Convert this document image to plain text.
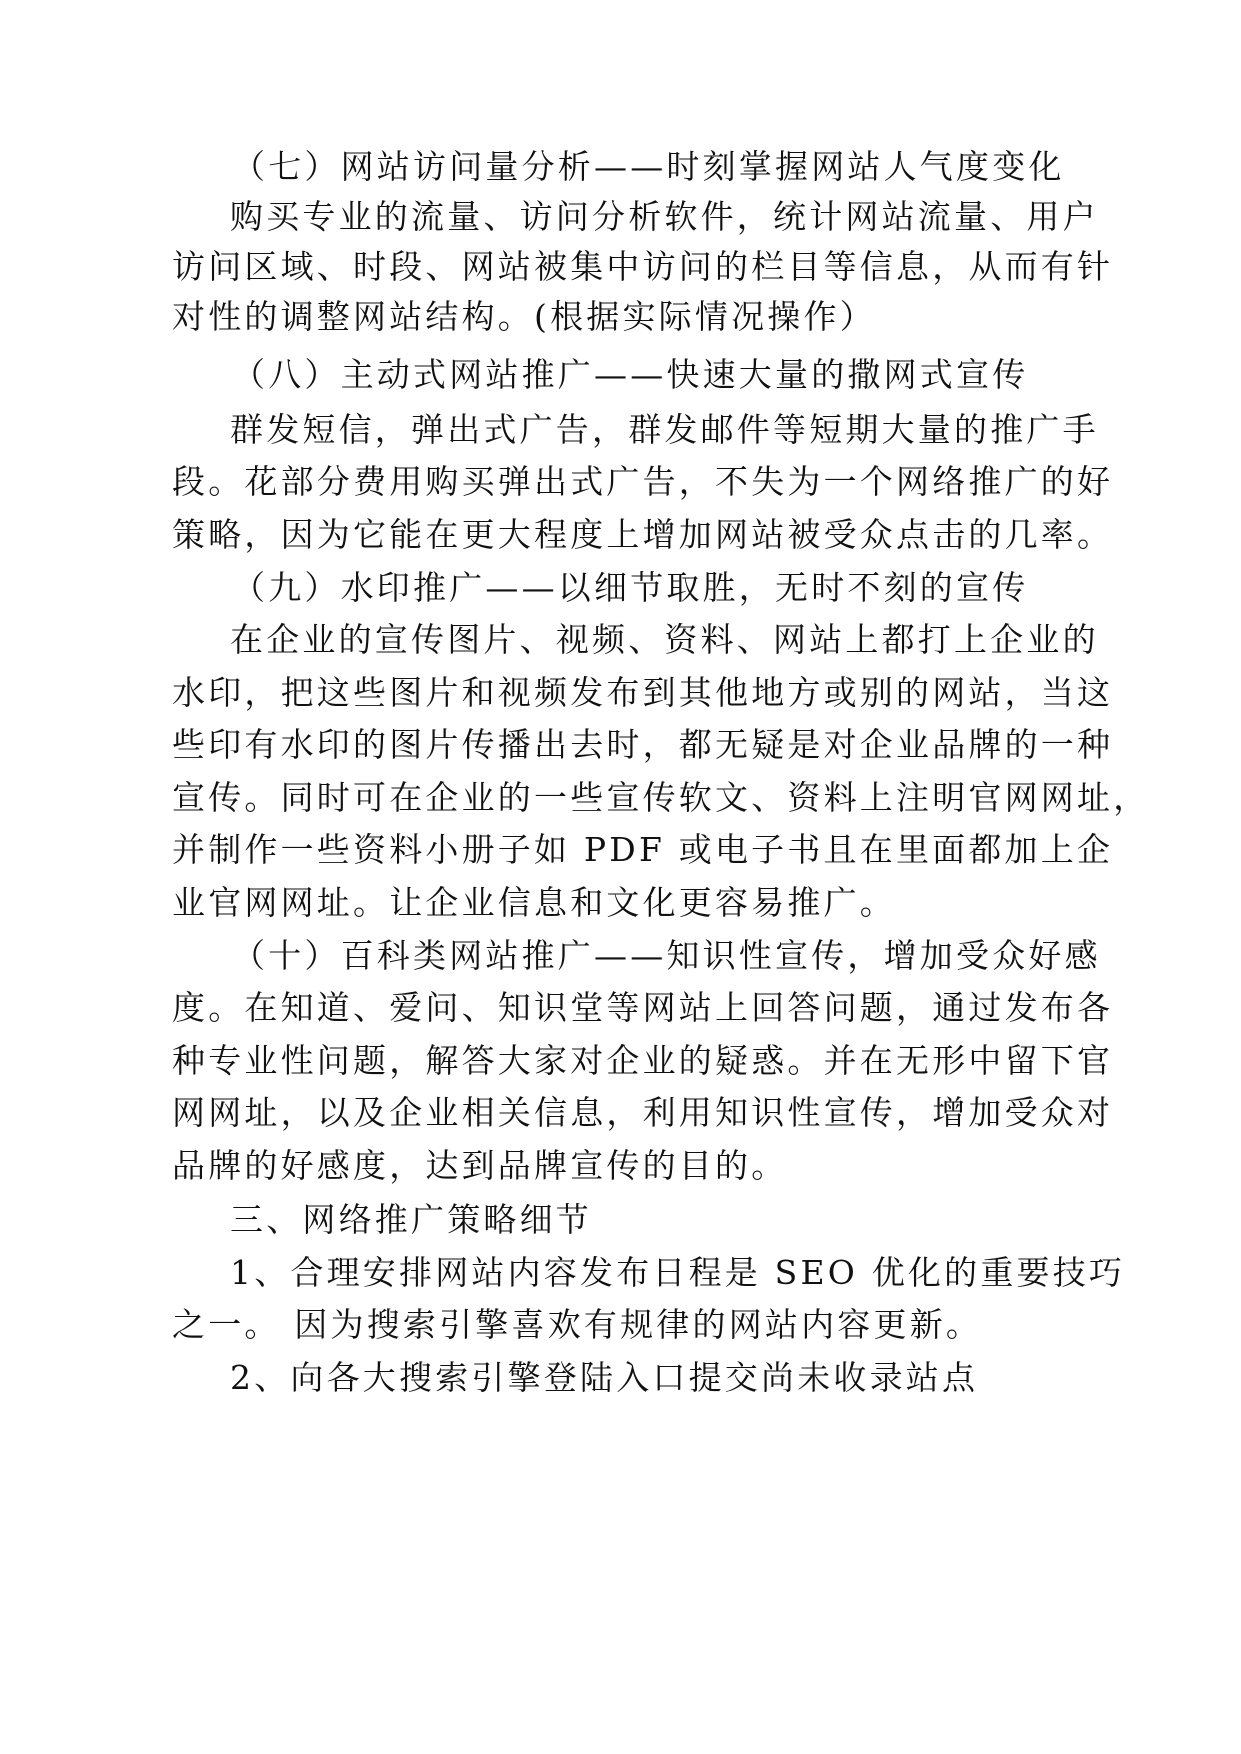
（七）网站访问量分析——时刻掌握网站人气度变化
购买专业的流量、访问分析软件，统计网站流量、用户
访问区域、时段、网站被集中访问的栏目等信息，从而有针
对性的调整网站结构。(根据实际情况操作）
（八）主动式网站推广——快速大量的撒网式宣传
群发短信，弹出式广告，群发邮件等短期大量的推广手
段。花部分费用购买弹出式广告，不失为一个网络推广的好
策略，因为它能在更大程度上增加网站被受众点击的几率。
（九）水印推广——以细节取胜，无时不刻的宣传
在企业的宣传图片、视频、资料、网站上都打上企业的
水印，把这些图片和视频发布到其他地方或别的网站，当这
些印有水印的图片传播出去时，都无疑是对企业品牌的一种
宣传。同时可在企业的一些宣传软文、资料上注明官网网址，
并制作一些资料小册子如 PDF 或电子书且在里面都加上企
业官网网址。让企业信息和文化更容易推广。
（十）百科类网站推广——知识性宣传，增加受众好感
度。在知道、爱问、知识堂等网站上回答问题，通过发布各
种专业性问题，解答大家对企业的疑惑。并在无形中留下官
网网址，以及企业相关信息，利用知识性宣传，增加受众对
品牌的好感度，达到品牌宣传的目的。
三、网络推广策略细节
1、合理安排网站内容发布日程是 SEO 优化的重要技巧
之一。 因为搜索引擎喜欢有规律的网站内容更新。
2、向各大搜索引擎登陆入口提交尚未收录站点
